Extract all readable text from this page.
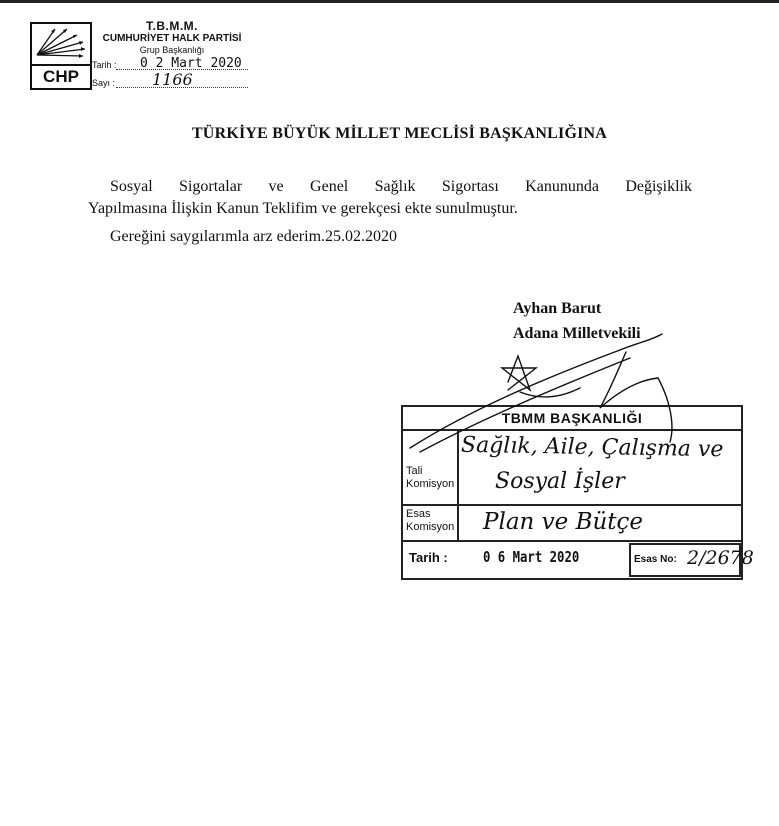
CHP
T.B.M.M.
CUMHURİYET HALK PARTİSİ
Grup Başkanlığı
Tarih : 0 2 Mart 2020
Sayı : 1166
TÜRKİYE BÜYÜK MİLLET MECLİSİ BAŞKANLIĞINA
Sosyal Sigortalar ve Genel Sağlık Sigortası Kanununda Değişiklik
Yapılmasına İlişkin Kanun Teklifim ve gerekçesi ekte sunulmuştur.
Gereğini saygılarımla arz ederim.25.02.2020
Ayhan Barut
Adana Milletvekili
TBMM BAŞKANLIĞI
Tali
Komisyon
Sağlık, Aile, Çalışma ve
Sosyal İşler
Esas
Komisyon Plan ve Bütçe
Tarih : 0 6 Mart 2020	Esas No: 2/2678
